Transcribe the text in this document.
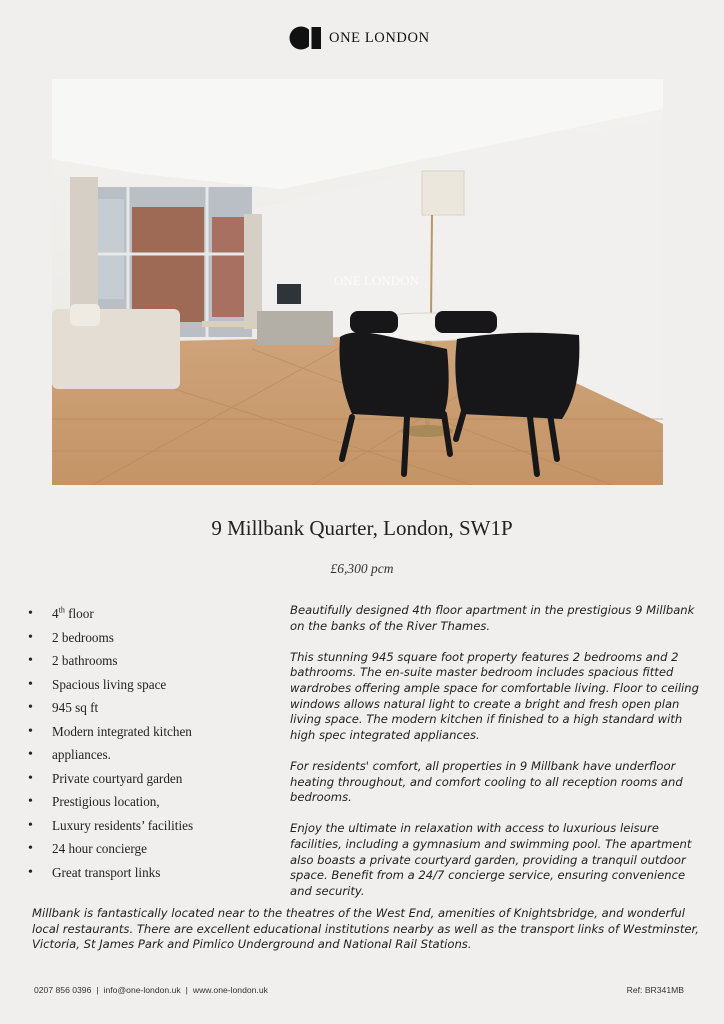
ONE LONDON
ONE LONDON
9 Millbank Quarter, London, SW1P
£6,300 pcm
• 4th floor
• 2 bedrooms
• 2 bathrooms
• Spacious living space
• 945 sq ft
• Modern integrated kitchen
• appliances.
• Private courtyard garden
• Prestigious location,
• Luxury residents’ facilities
• 24 hour concierge
• Great transport links

Beautifully designed 4th floor apartment in the prestigious 9 Millbank on the banks of the River Thames.

This stunning 945 square foot property features 2 bedrooms and 2 bathrooms. The en-suite master bedroom includes spacious fitted wardrobes offering ample space for comfortable living. Floor to ceiling windows allows natural light to create a bright and fresh open plan living space. The modern kitchen if finished to a high standard with high spec integrated appliances.

For residents' comfort, all properties in 9 Millbank have underfloor heating throughout, and comfort cooling to all reception rooms and bedrooms.

Enjoy the ultimate in relaxation with access to luxurious leisure facilities, including a gymnasium and swimming pool. The apartment also boasts a private courtyard garden, providing a tranquil outdoor space. Benefit from a 24/7 concierge service, ensuring convenience and security.

Millbank is fantastically located near to the theatres of the West End, amenities of Knightsbridge, and wonderful local restaurants. There are excellent educational institutions nearby as well as the transport links of Westminster, Victoria, St James Park and Pimlico Underground and National Rail Stations.

0207 856 0396 | info@one-london.uk | www.one-london.uk	Ref: BR341MB
